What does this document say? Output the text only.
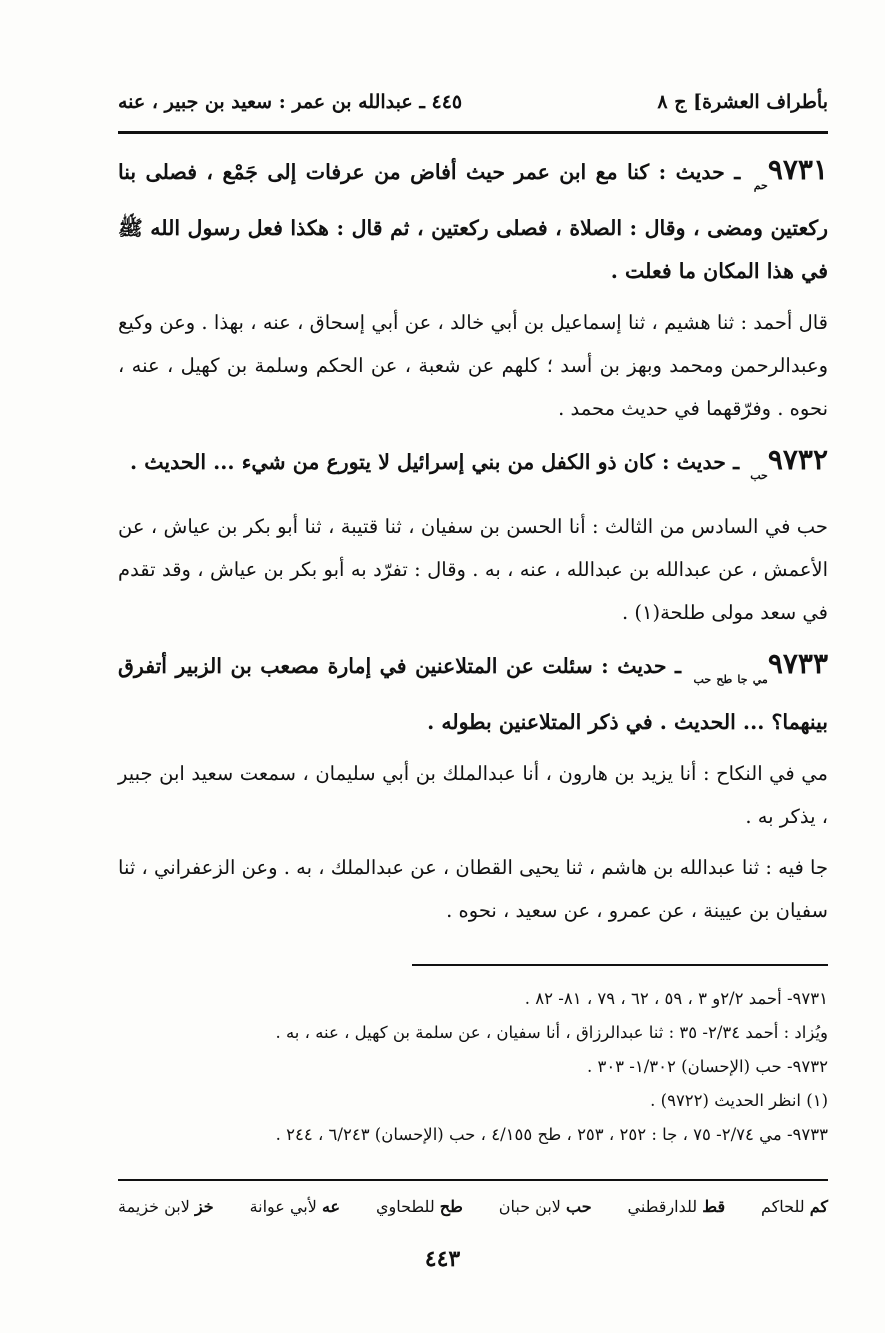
بأطراف العشرة] ج ٨
٤٤٥ ـ عبدالله بن عمر : سعيد بن جبير ، عنه

$٩٧٣١_{حم}$ ـ حديث : كنا مع ابن عمر حيث أفاض من عرفات إلى جَمْع ، فصلى بنا ركعتين ومضى ، وقال : الصلاة ، فصلى ركعتين ، ثم قال : هكذا فعل رسول الله ﷺ في هذا المكان ما فعلت .

قال أحمد : ثنا هشيم ، ثنا إسماعيل بن أبي خالد ، عن أبي إسحاق ، عنه ، بهذا . وعن وكيع وعبدالرحمن ومحمد وبهز بن أسد ؛ كلهم عن شعبة ، عن الحكم وسلمة بن كهيل ، عنه ، نحوه . وفرّقهما في حديث محمد .

$٩٧٣٢_{حب}$ ـ حديث : كان ذو الكفل من بني إسرائيل لا يتورع من شيء ... الحديث .

حب في السادس من الثالث : أنا الحسن بن سفيان ، ثنا قتيبة ، ثنا أبو بكر بن عياش ، عن الأعمش ، عن عبدالله بن عبدالله ، عنه ، به . وقال : تفرّد به أبو بكر بن عياش ، وقد تقدم في سعد مولى طلحة(١) .

$٩٧٣٣_{مي جا طح حب}$ ـ حديث : سئلت عن المتلاعنين في إمارة مصعب بن الزبير أتفرق بينهما؟ ... الحديث . في ذكر المتلاعنين بطوله .

مي في النكاح : أنا يزيد بن هارون ، أنا عبدالملك بن أبي سليمان ، سمعت سعيد ابن جبير ، يذكر به .

جا فيه : ثنا عبدالله بن هاشم ، ثنا يحيى القطان ، عن عبدالملك ، به . وعن الزعفراني ، ثنا سفيان بن عيينة ، عن عمرو ، عن سعيد ، نحوه .

٩٧٣١- أحمد ٢/٢و ٣ ، ٥٩ ، ٦٢ ، ٧٩ ، ٨١- ٨٢ .
ويُزاد : أحمد ٢/٣٤- ٣٥ : ثنا عبدالرزاق ، أنا سفيان ، عن سلمة بن كهيل ، عنه ، به .
٩٧٣٢- حب (الإحسان) ١/٣٠٢- ٣٠٣ .
(١) انظر الحديث (٩٧٢٢) .
٩٧٣٣- مي ٢/٧٤- ٧٥ ، جا : ٢٥٢ ، ٢٥٣ ، طح ٤/١٥٥ ، حب (الإحسان) ٦/٢٤٣ ، ٢٤٤ .
خز لابن خزيمة	عه لأبي عوانة	طح للطحاوي	حب لابن حبان	قط للدارقطني	كم للحاكم
٤٤٣
